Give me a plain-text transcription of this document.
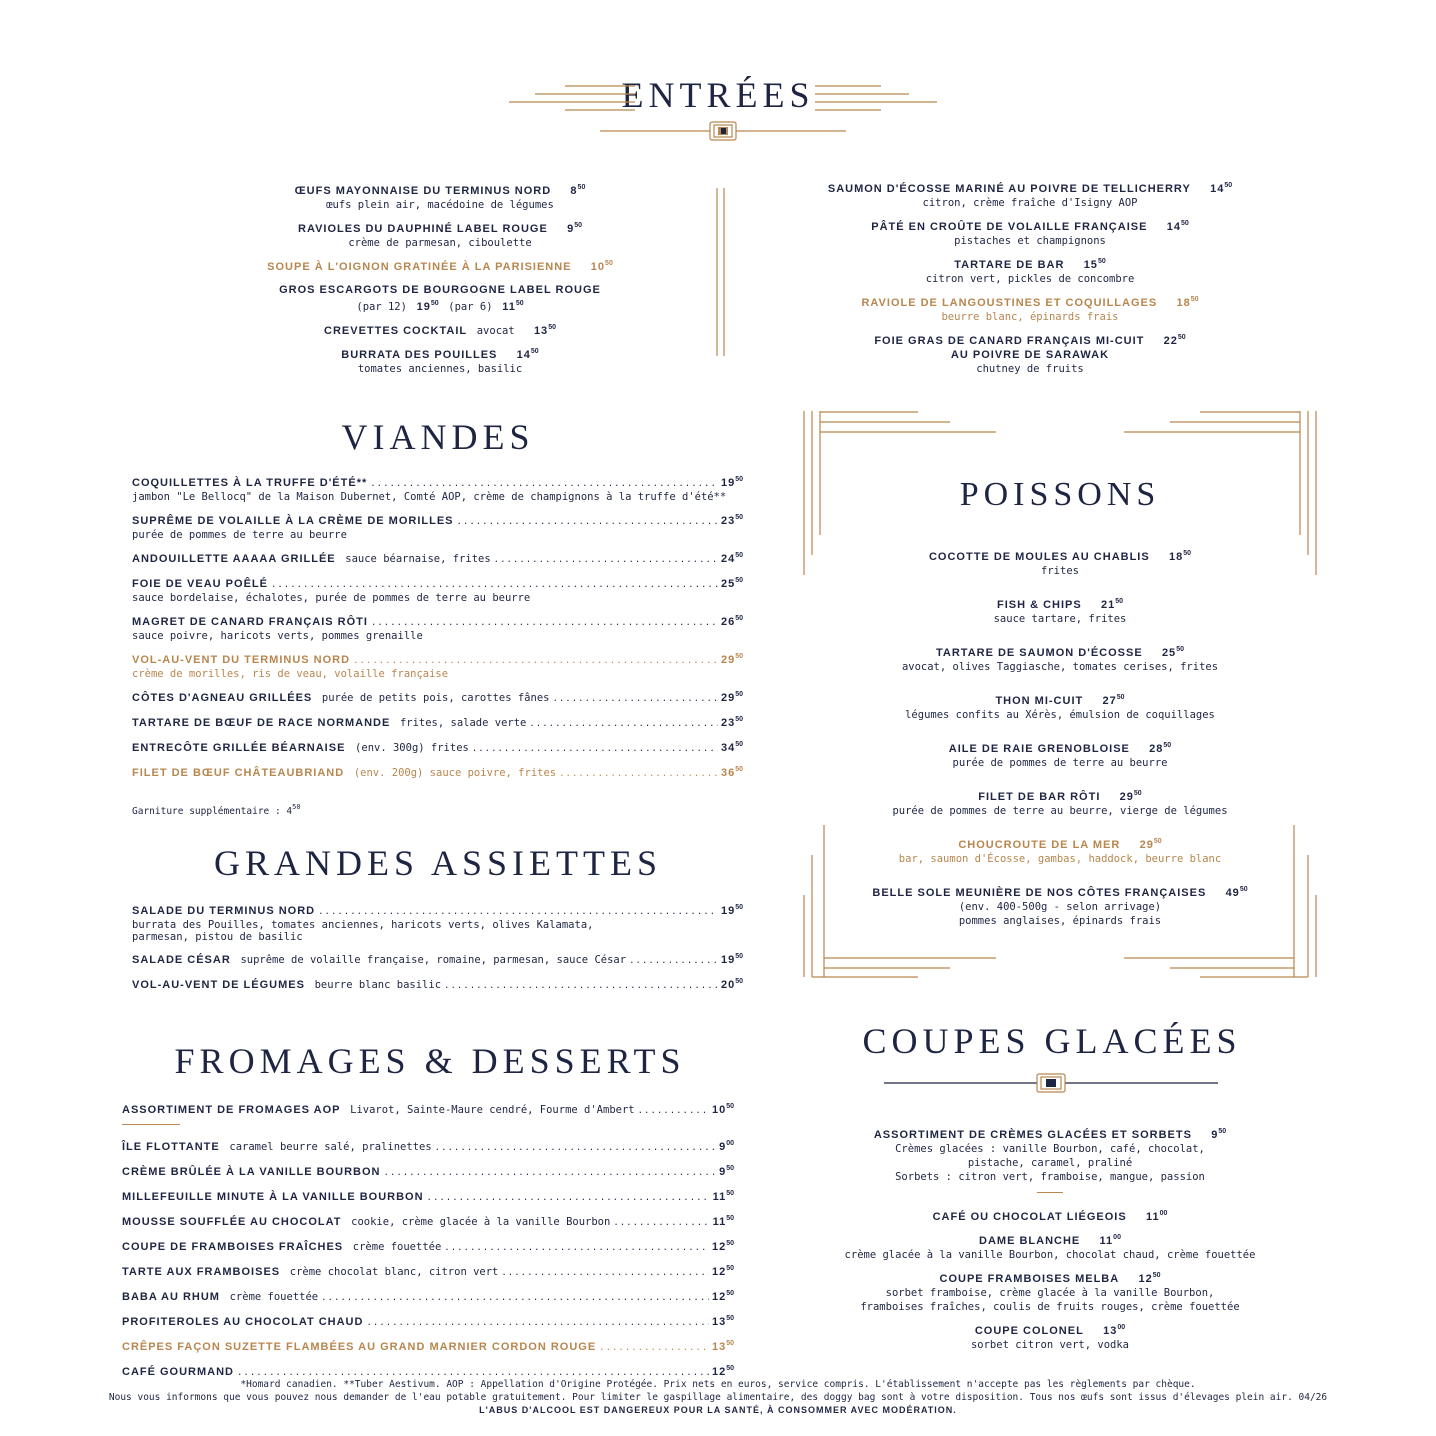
ENTRÉES
ŒUFS MAYONNAISE DU TERMINUS NORD $8^{50}$
œufs plein air, macédoine de légumes
RAVIOLES DU DAUPHINÉ LABEL ROUGE $9^{50}$
crème de parmesan, ciboulette
SOUPE À L'OIGNON GRATINÉE À LA PARISIENNE $10^{50}$
GROS ESCARGOTS DE BOURGOGNE LABEL ROUGE
(par 12) $19^{50}$ (par 6) $11^{50}$
CREVETTES COCKTAIL avocat $13^{50}$
BURRATA DES POUILLES $14^{50}$
tomates anciennes, basilic
SAUMON D'ÉCOSSE MARINÉ AU POIVRE DE TELLICHERRY $14^{50}$
citron, crème fraîche d'Isigny AOP
PÂTÉ EN CROÛTE DE VOLAILLE FRANÇAISE $14^{50}$
pistaches et champignons
TARTARE DE BAR $15^{50}$
citron vert, pickles de concombre
RAVIOLE DE LANGOUSTINES ET COQUILLAGES $18^{50}$
beurre blanc, épinards frais
FOIE GRAS DE CANARD FRANÇAIS MI-CUIT $22^{50}$
AU POIVRE DE SARAWAK
chutney de fruits
VIANDES
COQUILLETTES À LA TRUFFE D'ÉTÉ** .....	$19^{50}$
jambon "Le Bellocq" de la Maison Dubernet, Comté AOP, crème de champignons à la truffe d'été**
SUPRÊME DE VOLAILLE À LA CRÈME DE MORILLES .....	$23^{50}$
purée de pommes de terre au beurre
ANDOUILLETTE AAAAA GRILLÉE sauce béarnaise, frites .....	$24^{50}$
FOIE DE VEAU POÊLÉ .....	$25^{50}$
sauce bordelaise, échalotes, purée de pommes de terre au beurre
MAGRET DE CANARD FRANÇAIS RÔTI .....	$26^{50}$
sauce poivre, haricots verts, pommes grenaille
VOL-AU-VENT DU TERMINUS NORD .....	$29^{50}$
crème de morilles, ris de veau, volaille française
CÔTES D'AGNEAU GRILLÉES purée de petits pois, carottes fânes .....	$29^{50}$
TARTARE DE BŒUF DE RACE NORMANDE frites, salade verte .....	$23^{50}$
ENTRECÔTE GRILLÉE BÉARNAISE (env. 300g) frites .....	$34^{50}$
FILET DE BŒUF CHÂTEAUBRIAND (env. 200g) sauce poivre, frites .....	$36^{50}$
Garniture supplémentaire : $4^{50}$
POISSONS
COCOTTE DE MOULES AU CHABLIS $18^{50}$
frites
FISH & CHIPS $21^{50}$
sauce tartare, frites
TARTARE DE SAUMON D'ÉCOSSE $25^{50}$
avocat, olives Taggiasche, tomates cerises, frites
THON MI-CUIT $27^{50}$
légumes confits au Xérès, émulsion de coquillages
AILE DE RAIE GRENOBLOISE $28^{50}$
purée de pommes de terre au beurre
FILET DE BAR RÔTI $29^{50}$
purée de pommes de terre au beurre, vierge de légumes
CHOUCROUTE DE LA MER $29^{50}$
bar, saumon d'Écosse, gambas, haddock, beurre blanc
BELLE SOLE MEUNIÈRE DE NOS CÔTES FRANÇAISES $49^{50}$
(env. 400-500g - selon arrivage)
pommes anglaises, épinards frais
GRANDES ASSIETTES
SALADE DU TERMINUS NORD .....	$19^{50}$
burrata des Pouilles, tomates anciennes, haricots verts, olives Kalamata,
parmesan, pistou de basilic
SALADE CÉSAR suprême de volaille française, romaine, parmesan, sauce César .....	$19^{50}$
VOL-AU-VENT DE LÉGUMES beurre blanc basilic .....	$20^{50}$
FROMAGES & DESSERTS
ASSORTIMENT DE FROMAGES AOP Livarot, Sainte-Maure cendré, Fourme d'Ambert .....	$10^{50}$
ÎLE FLOTTANTE caramel beurre salé, pralinettes .....	$9^{00}$
CRÈME BRÛLÉE À LA VANILLE BOURBON .....	$9^{50}$
MILLEFEUILLE MINUTE À LA VANILLE BOURBON .....	$11^{50}$
MOUSSE SOUFFLÉE AU CHOCOLAT cookie, crème glacée à la vanille Bourbon .....	$11^{50}$
COUPE DE FRAMBOISES FRAÎCHES crème fouettée .....	$12^{50}$
TARTE AUX FRAMBOISES crème chocolat blanc, citron vert .....	$12^{50}$
BABA AU RHUM crème fouettée .....	$12^{50}$
PROFITEROLES AU CHOCOLAT CHAUD .....	$13^{50}$
CRÊPES FAÇON SUZETTE FLAMBÉES AU GRAND MARNIER CORDON ROUGE .....	$13^{50}$
CAFÉ GOURMAND .....	$12^{50}$
COUPES GLACÉES
ASSORTIMENT DE CRÈMES GLACÉES ET SORBETS $9^{50}$
Crèmes glacées : vanille Bourbon, café, chocolat,
pistache, caramel, praliné
Sorbets : citron vert, framboise, mangue, passion
CAFÉ OU CHOCOLAT LIÉGEOIS $11^{00}$
DAME BLANCHE $11^{00}$
crème glacée à la vanille Bourbon, chocolat chaud, crème fouettée
COUPE FRAMBOISES MELBA $12^{50}$
sorbet framboise, crème glacée à la vanille Bourbon,
framboises fraîches, coulis de fruits rouges, crème fouettée
COUPE COLONEL $13^{00}$
sorbet citron vert, vodka
*Homard canadien. **Tuber Aestivum. AOP : Appellation d'Origine Protégée. Prix nets en euros, service compris. L'établissement n'accepte pas les règlements par chèque.
Nous vous informons que vous pouvez nous demander de l'eau potable gratuitement. Pour limiter le gaspillage alimentaire, des doggy bag sont à votre disposition. Tous nos œufs sont issus d'élevages plein air. 04/26
L'ABUS D'ALCOOL EST DANGEREUX POUR LA SANTÉ, À CONSOMMER AVEC MODÉRATION.
